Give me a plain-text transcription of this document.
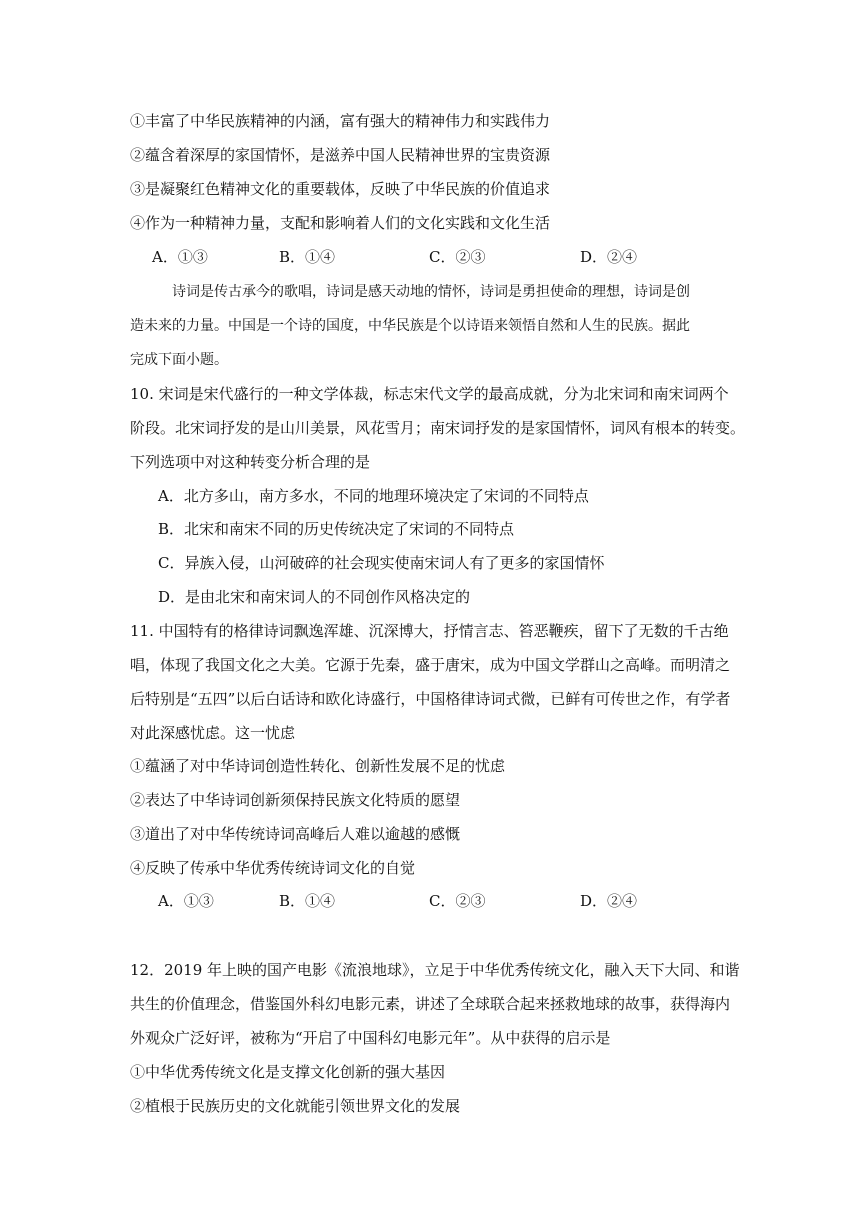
①丰富了中华民族精神的内涵，富有强大的精神伟力和实践伟力
②蕴含着深厚的家国情怀，是滋养中国人民精神世界的宝贵资源
③是凝聚红色精神文化的重要载体，反映了中华民族的价值追求
④作为一种精神力量，支配和影响着人们的文化实践和文化生活
A．①③	B．①④	C．②③	D．②④
诗词是传古承今的歌唱，诗词是感天动地的情怀，诗词是勇担使命的理想，诗词是创
造未来的力量。中国是一个诗的国度，中华民族是个以诗语来领悟自然和人生的民族。据此
完成下面小题。
10. 宋词是宋代盛行的一种文学体裁，标志宋代文学的最高成就，分为北宋词和南宋词两个
阶段。北宋词抒发的是山川美景，风花雪月；南宋词抒发的是家国情怀，词风有根本的转变。
下列选项中对这种转变分析合理的是
A．北方多山，南方多水，不同的地理环境决定了宋词的不同特点
B．北宋和南宋不同的历史传统决定了宋词的不同特点
C．异族入侵，山河破碎的社会现实使南宋词人有了更多的家国情怀
D．是由北宋和南宋词人的不同创作风格决定的
11. 中国特有的格律诗词飘逸浑雄、沉深博大，抒情言志、笞恶鞭疾，留下了无数的千古绝
唱，体现了我国文化之大美。它源于先秦，盛于唐宋，成为中国文学群山之高峰。而明清之
后特别是“五四”以后白话诗和欧化诗盛行，中国格律诗词式微，已鲜有可传世之作，有学者
对此深感忧虑。这一忧虑
①蕴涵了对中华诗词创造性转化、创新性发展不足的忧虑
②表达了中华诗词创新须保持民族文化特质的愿望
③道出了对中华传统诗词高峰后人难以逾越的感慨
④反映了传承中华优秀传统诗词文化的自觉
A．①③	B．①④	C．②③	D．②④
12．2019 年上映的国产电影《流浪地球》，立足于中华优秀传统文化，融入天下大同、和谐
共生的价值理念，借鉴国外科幻电影元素，讲述了全球联合起来拯救地球的故事，获得海内
外观众广泛好评，被称为“开启了中国科幻电影元年”。从中获得的启示是
①中华优秀传统文化是支撑文化创新的强大基因
②植根于民族历史的文化就能引领世界文化的发展
